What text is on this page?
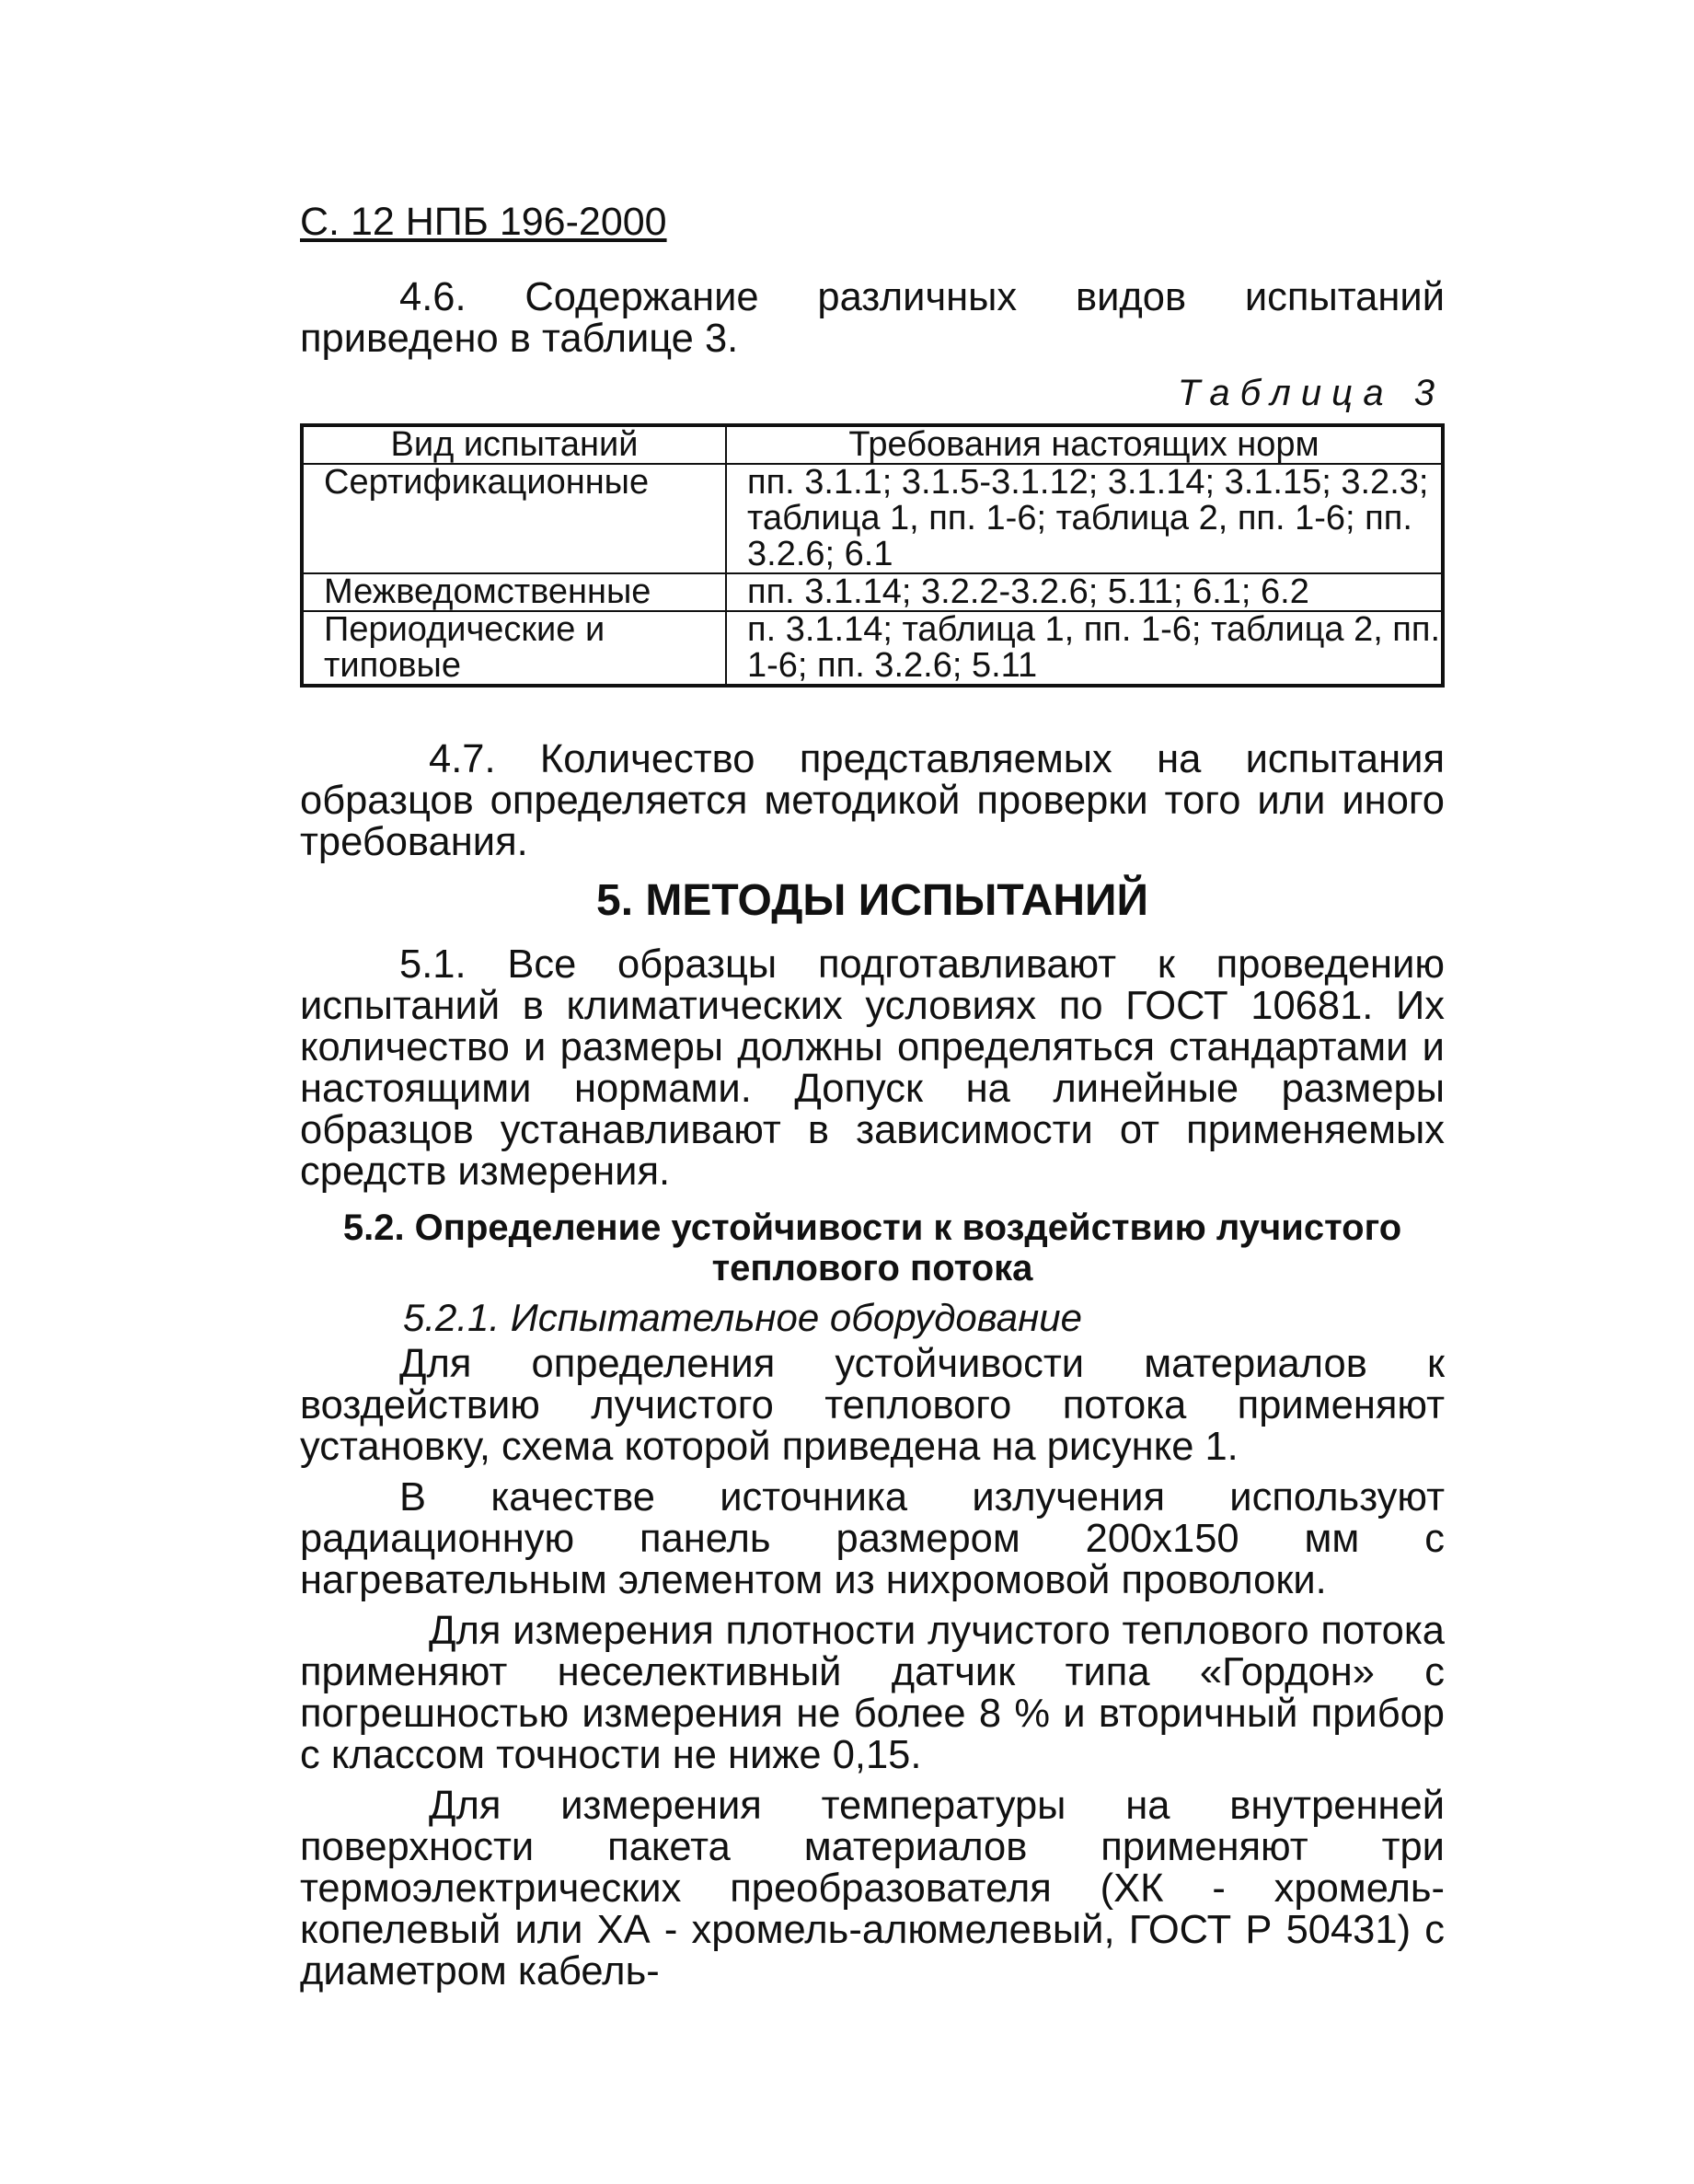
С. 12 НПБ 196-2000

4.6. Содержание различных видов испытаний приведено в таблице 3.

Таблица 3
Вид испытаний	Требования настоящих норм
Сертификационные	пп. 3.1.1; 3.1.5-3.1.12; 3.1.14; 3.1.15; 3.2.3; таблица 1, пп. 1-6; таблица 2, пп. 1-6; пп. 3.2.6; 6.1
Межведомственные	пп. 3.1.14; 3.2.2-3.2.6; 5.11; 6.1; 6.2
Периодические и типовые	п. 3.1.14; таблица 1, пп. 1-6; таблица 2, пп. 1-6; пп. 3.2.6; 5.11

4.7. Количество представляемых на испытания образцов определяется методикой проверки того или иного требования.

5. МЕТОДЫ ИСПЫТАНИЙ

5.1. Все образцы подготавливают к проведению испытаний в климатических условиях по ГОСТ 10681. Их количество и размеры должны определяться стандартами и настоящими нормами. Допуск на линейные размеры образцов устанавливают в зависимости от применяемых средств измерения.

5.2. Определение устойчивости к воздействию лучистого теплового потока
5.2.1. Испытательное оборудование

Для определения устойчивости материалов к воздействию лучистого теплового потока применяют установку, схема которой приведена на рисунке 1.

В качестве источника излучения используют радиационную панель размером 200x150 мм с нагревательным элементом из нихромовой проволоки.

Для измерения плотности лучистого теплового потока применяют неселективный датчик типа «Гордон» с погрешностью измерения не более 8 % и вторичный прибор с классом точности не ниже 0,15.

Для измерения температуры на внутренней поверхности пакета материалов применяют три термоэлектрических преобразователя (ХК - хромель-копелевый или ХА - хромель-алюмелевый, ГОСТ Р 50431) с диаметром кабель-
